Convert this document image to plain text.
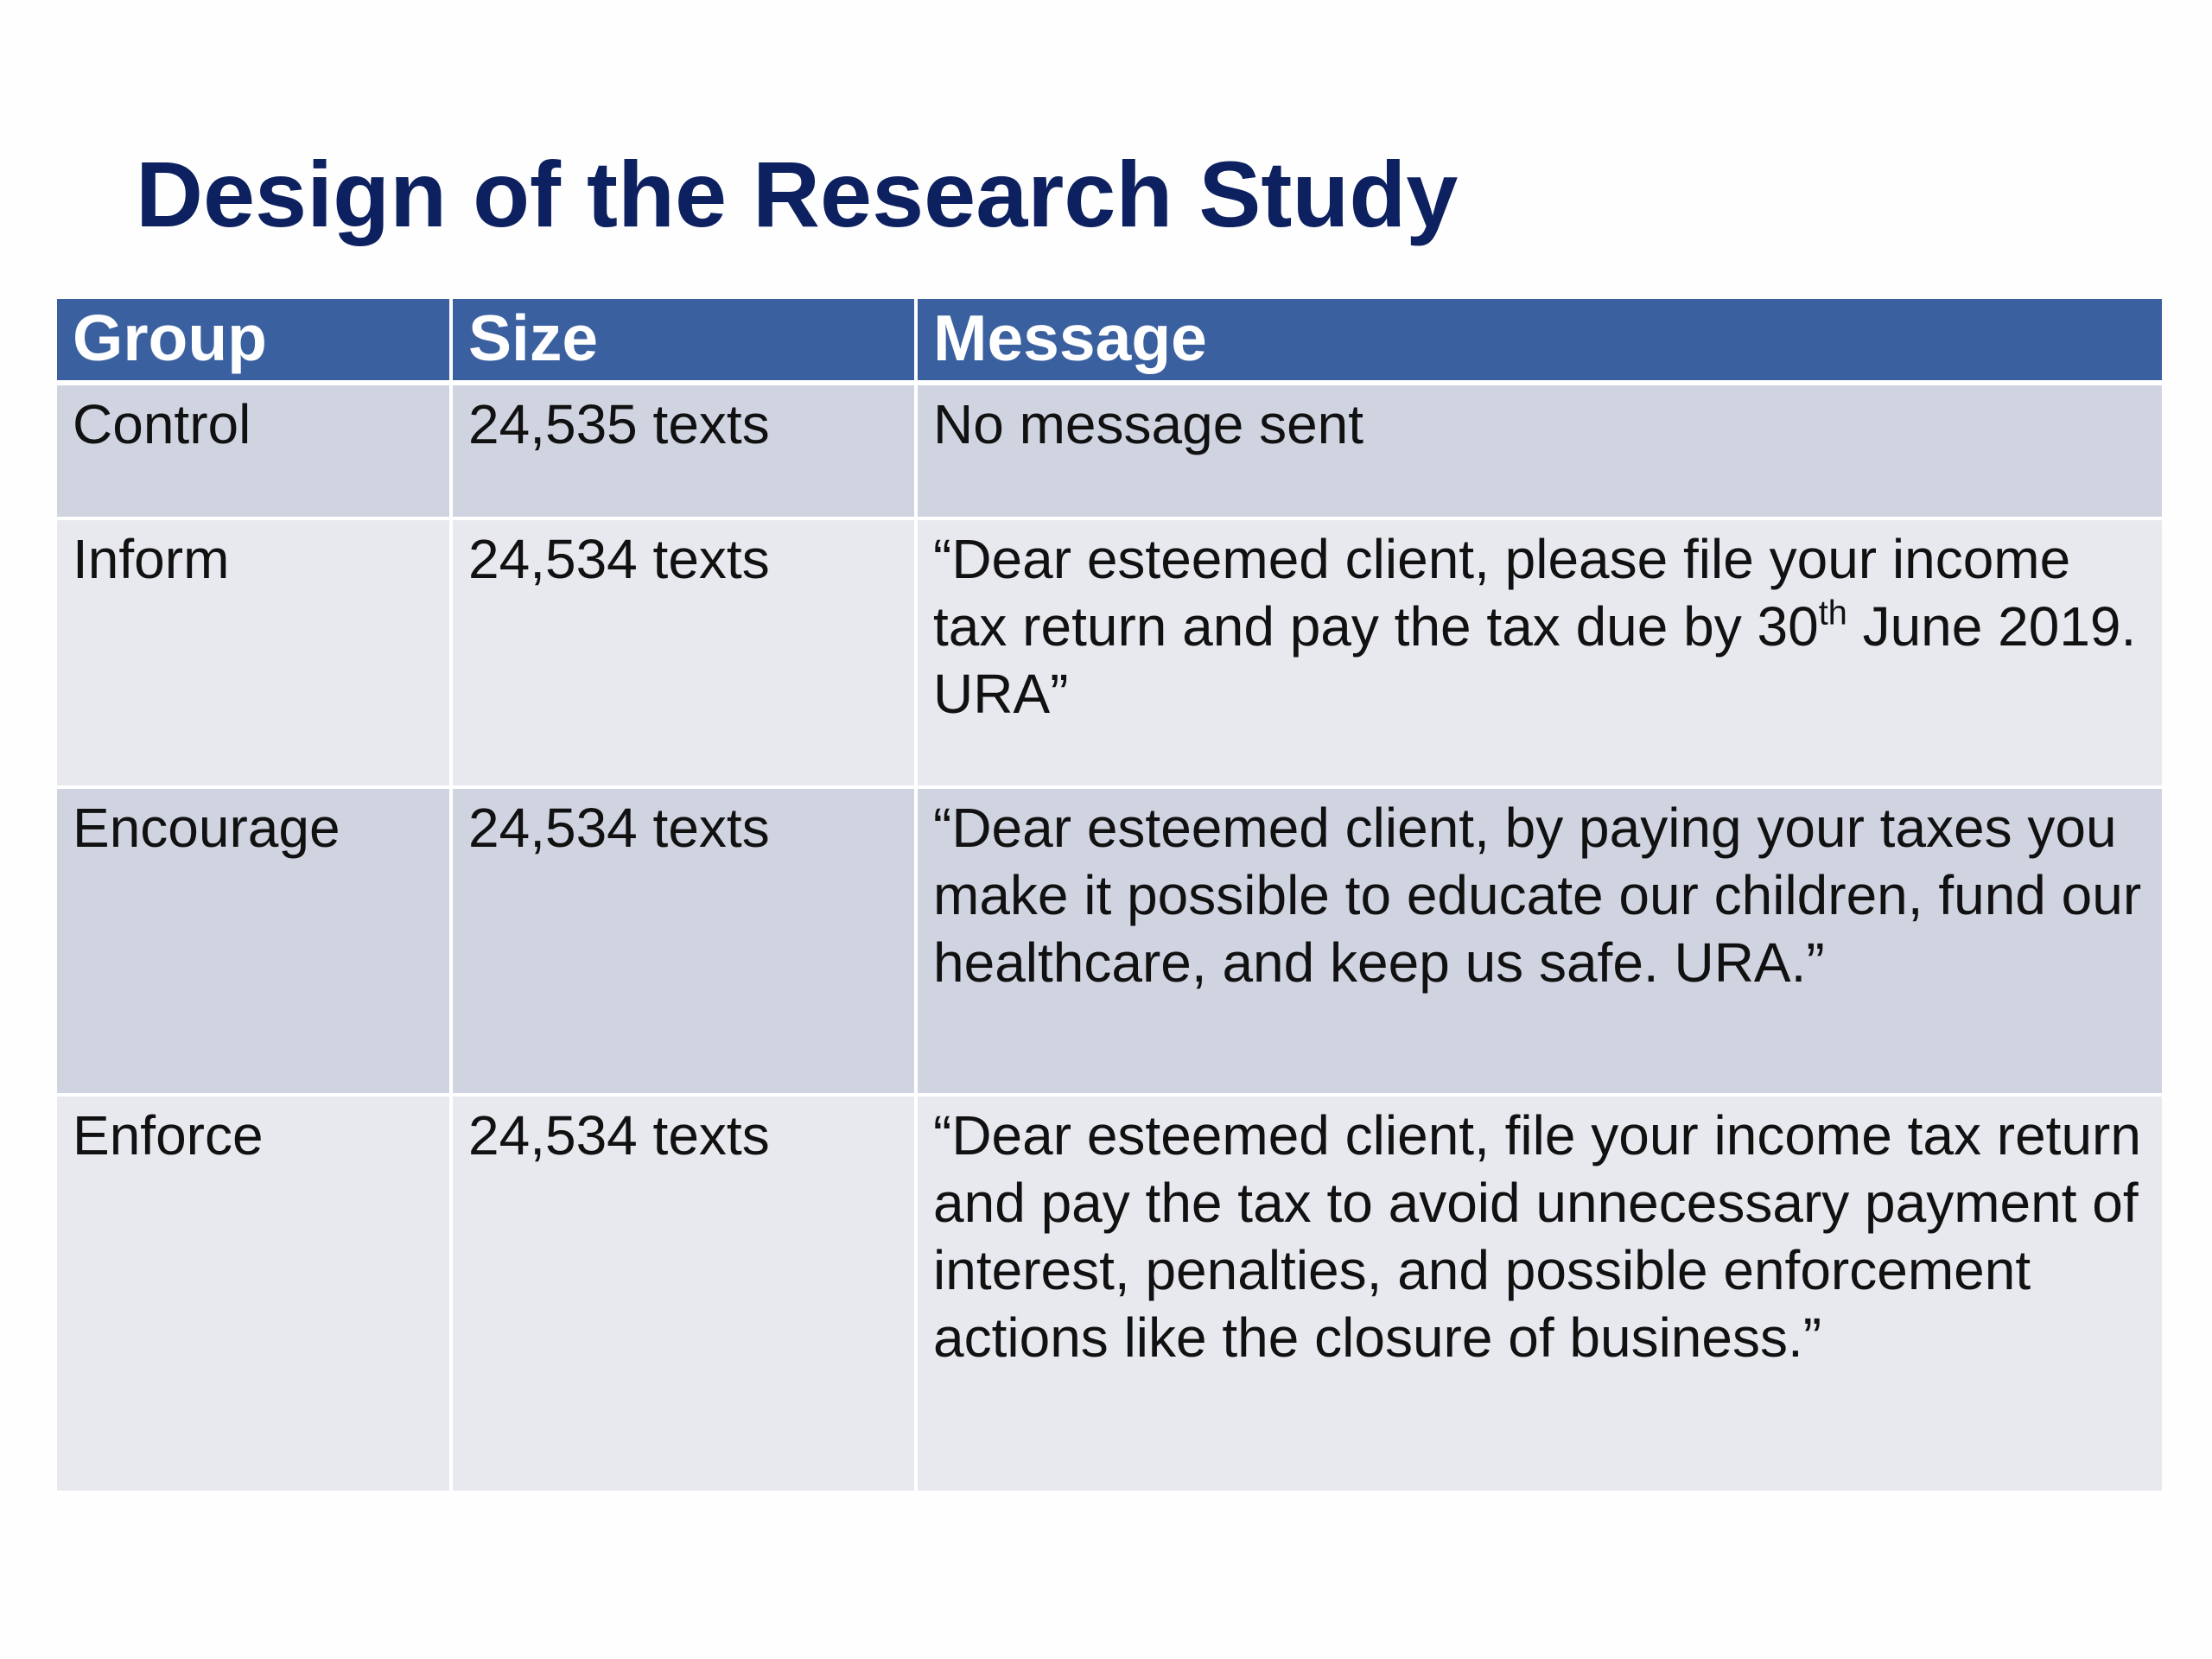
Design of the Research Study
Group	Size	Message
Control	24,535 texts	No message sent
Inform	24,534 texts	“Dear esteemed client, please file your income tax return and pay the tax due by 30th June 2019. URA”
Encourage	24,534 texts	“Dear esteemed client, by paying your taxes you make it possible to educate our children, fund our healthcare, and keep us safe. URA.”
Enforce	24,534 texts	“Dear esteemed client, file your income tax return and pay the tax to avoid unnecessary payment of interest, penalties, and possible enforcement actions like the closure of business.”
